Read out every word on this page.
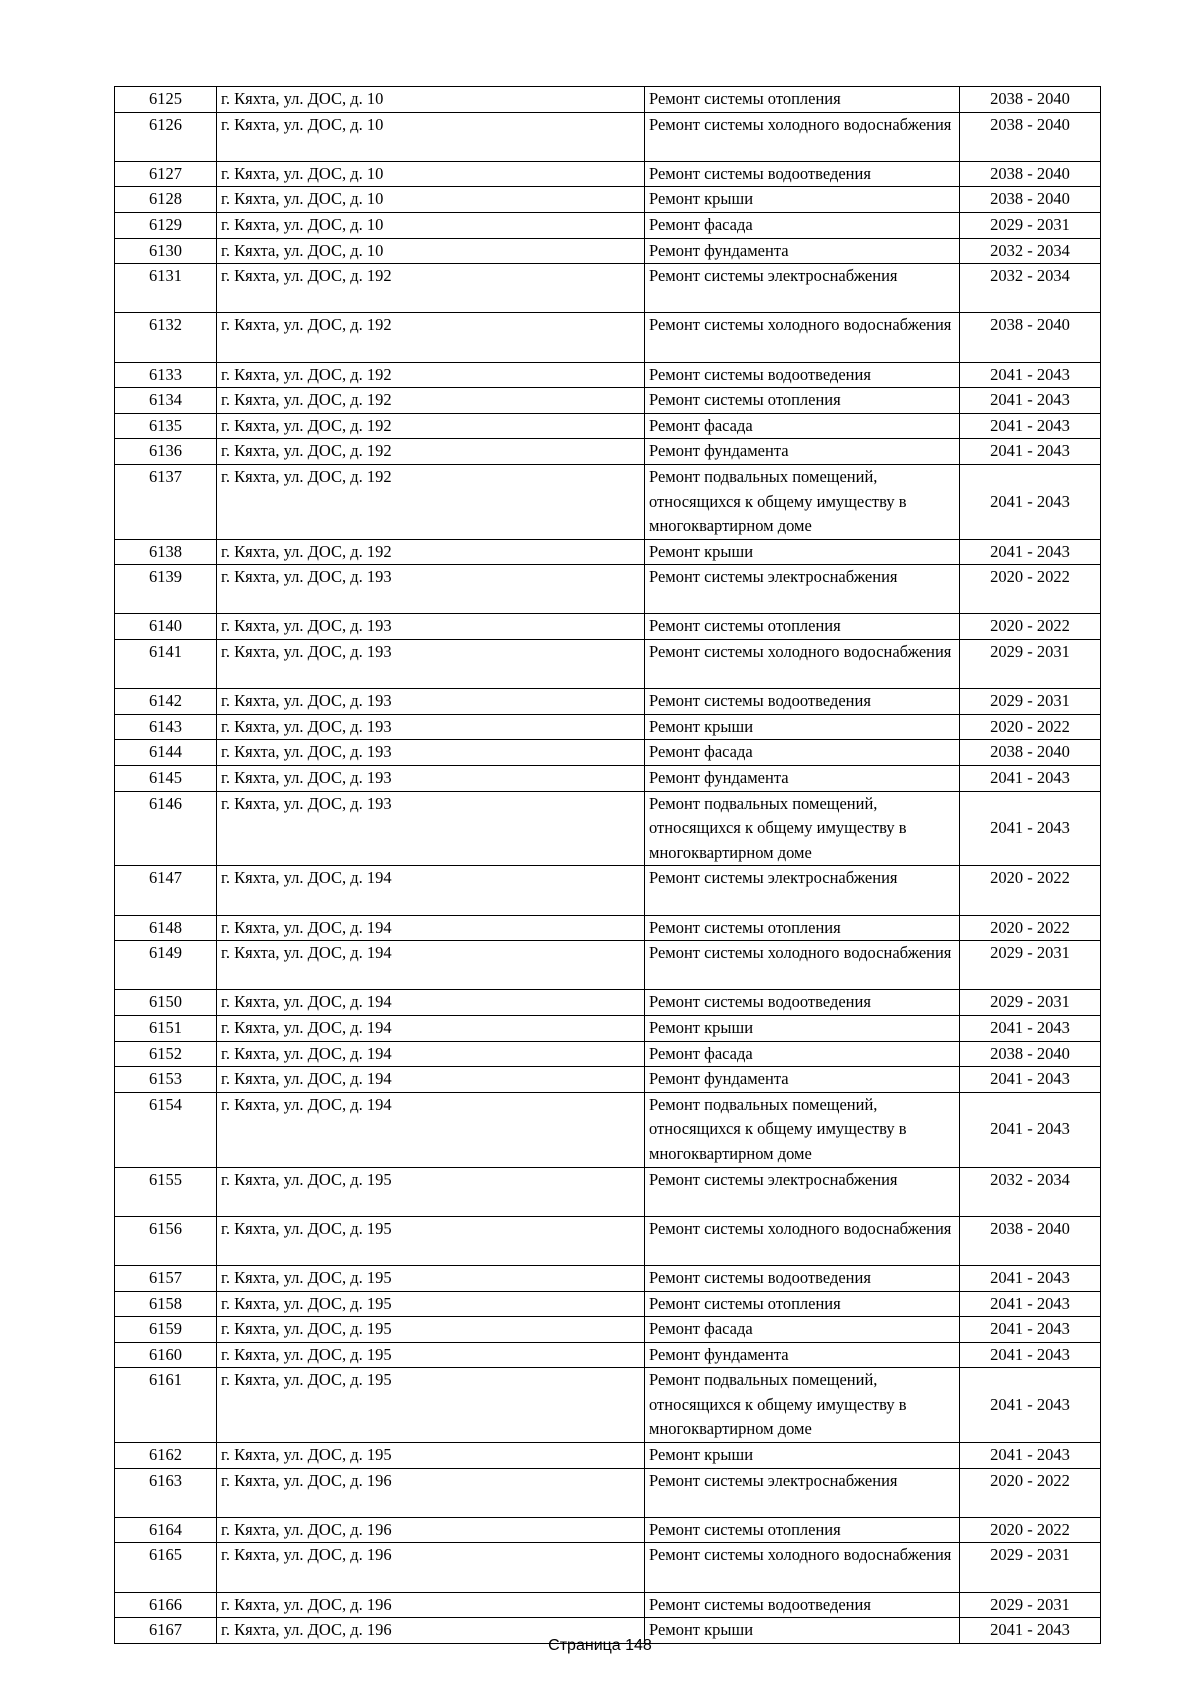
6125	г. Кяхта, ул. ДОС, д. 10	Ремонт системы отопления	2038 - 2040
6126	г. Кяхта, ул. ДОС, д. 10	Ремонт системы холодного водоснабжения	2038 - 2040
6127	г. Кяхта, ул. ДОС, д. 10	Ремонт системы водоотведения	2038 - 2040
6128	г. Кяхта, ул. ДОС, д. 10	Ремонт крыши	2038 - 2040
6129	г. Кяхта, ул. ДОС, д. 10	Ремонт фасада	2029 - 2031
6130	г. Кяхта, ул. ДОС, д. 10	Ремонт фундамента	2032 - 2034
6131	г. Кяхта, ул. ДОС, д. 192	Ремонт системы электроснабжения	2032 - 2034
6132	г. Кяхта, ул. ДОС, д. 192	Ремонт системы холодного водоснабжения	2038 - 2040
6133	г. Кяхта, ул. ДОС, д. 192	Ремонт системы водоотведения	2041 - 2043
6134	г. Кяхта, ул. ДОС, д. 192	Ремонт системы отопления	2041 - 2043
6135	г. Кяхта, ул. ДОС, д. 192	Ремонт фасада	2041 - 2043
6136	г. Кяхта, ул. ДОС, д. 192	Ремонт фундамента	2041 - 2043
6137	г. Кяхта, ул. ДОС, д. 192	Ремонт подвальных помещений, относящихся к общему имуществу в многоквартирном доме	2041 - 2043
6138	г. Кяхта, ул. ДОС, д. 192	Ремонт крыши	2041 - 2043
6139	г. Кяхта, ул. ДОС, д. 193	Ремонт системы электроснабжения	2020 - 2022
6140	г. Кяхта, ул. ДОС, д. 193	Ремонт системы отопления	2020 - 2022
6141	г. Кяхта, ул. ДОС, д. 193	Ремонт системы холодного водоснабжения	2029 - 2031
6142	г. Кяхта, ул. ДОС, д. 193	Ремонт системы водоотведения	2029 - 2031
6143	г. Кяхта, ул. ДОС, д. 193	Ремонт крыши	2020 - 2022
6144	г. Кяхта, ул. ДОС, д. 193	Ремонт фасада	2038 - 2040
6145	г. Кяхта, ул. ДОС, д. 193	Ремонт фундамента	2041 - 2043
6146	г. Кяхта, ул. ДОС, д. 193	Ремонт подвальных помещений, относящихся к общему имуществу в многоквартирном доме	2041 - 2043
6147	г. Кяхта, ул. ДОС, д. 194	Ремонт системы электроснабжения	2020 - 2022
6148	г. Кяхта, ул. ДОС, д. 194	Ремонт системы отопления	2020 - 2022
6149	г. Кяхта, ул. ДОС, д. 194	Ремонт системы холодного водоснабжения	2029 - 2031
6150	г. Кяхта, ул. ДОС, д. 194	Ремонт системы водоотведения	2029 - 2031
6151	г. Кяхта, ул. ДОС, д. 194	Ремонт крыши	2041 - 2043
6152	г. Кяхта, ул. ДОС, д. 194	Ремонт фасада	2038 - 2040
6153	г. Кяхта, ул. ДОС, д. 194	Ремонт фундамента	2041 - 2043
6154	г. Кяхта, ул. ДОС, д. 194	Ремонт подвальных помещений, относящихся к общему имуществу в многоквартирном доме	2041 - 2043
6155	г. Кяхта, ул. ДОС, д. 195	Ремонт системы электроснабжения	2032 - 2034
6156	г. Кяхта, ул. ДОС, д. 195	Ремонт системы холодного водоснабжения	2038 - 2040
6157	г. Кяхта, ул. ДОС, д. 195	Ремонт системы водоотведения	2041 - 2043
6158	г. Кяхта, ул. ДОС, д. 195	Ремонт системы отопления	2041 - 2043
6159	г. Кяхта, ул. ДОС, д. 195	Ремонт фасада	2041 - 2043
6160	г. Кяхта, ул. ДОС, д. 195	Ремонт фундамента	2041 - 2043
6161	г. Кяхта, ул. ДОС, д. 195	Ремонт подвальных помещений, относящихся к общему имуществу в многоквартирном доме	2041 - 2043
6162	г. Кяхта, ул. ДОС, д. 195	Ремонт крыши	2041 - 2043
6163	г. Кяхта, ул. ДОС, д. 196	Ремонт системы электроснабжения	2020 - 2022
6164	г. Кяхта, ул. ДОС, д. 196	Ремонт системы отопления	2020 - 2022
6165	г. Кяхта, ул. ДОС, д. 196	Ремонт системы холодного водоснабжения	2029 - 2031
6166	г. Кяхта, ул. ДОС, д. 196	Ремонт системы водоотведения	2029 - 2031
6167	г. Кяхта, ул. ДОС, д. 196	Ремонт крыши	2041 - 2043
Страница 148
